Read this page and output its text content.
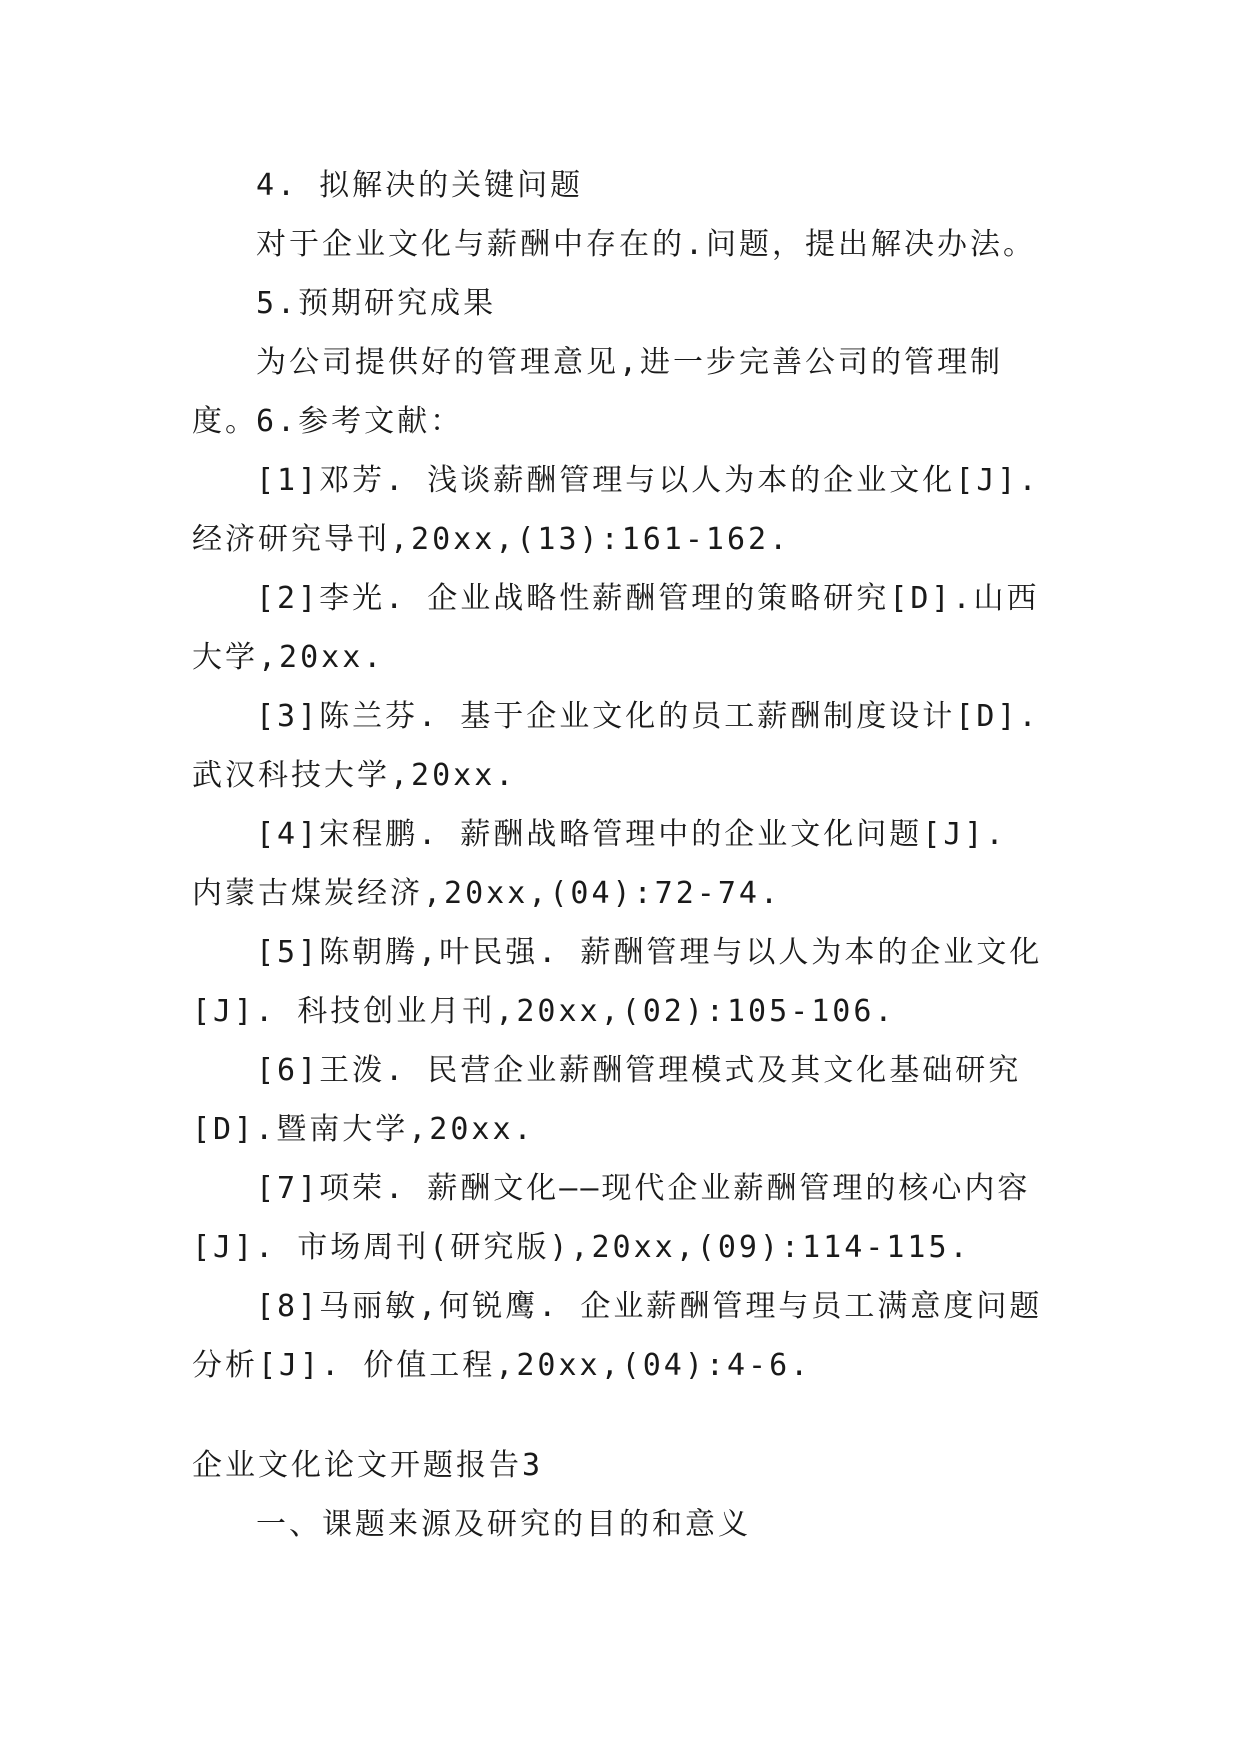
4. 拟解决的关键问题

对于企业文化与薪酬中存在的.问题，提出解决办法。

5.预期研究成果

为公司提供好的管理意见,进一步完善公司的管理制度。

6.参考文献：

[1]邓芳. 浅谈薪酬管理与以人为本的企业文化[J]. 经济研究导刊,20xx,(13):161-162.

[2]李光. 企业战略性薪酬管理的策略研究[D].山西大学,20xx.

[3]陈兰芬. 基于企业文化的员工薪酬制度设计[D].武汉科技大学,20xx.

[4]宋程鹏. 薪酬战略管理中的企业文化问题[J]. 内蒙古煤炭经济,20xx,(04):72-74.

[5]陈朝腾,叶民强. 薪酬管理与以人为本的企业文化[J]. 科技创业月刊,20xx,(02):105-106.

[6]王泼. 民营企业薪酬管理模式及其文化基础研究[D].暨南大学,20xx.

[7]项荣. 薪酬文化——现代企业薪酬管理的核心内容[J]. 市场周刊(研究版),20xx,(09):114-115.

[8]马丽敏,何锐鹰. 企业薪酬管理与员工满意度问题分析[J]. 价值工程,20xx,(04):4-6.

企业文化论文开题报告3

一、课题来源及研究的目的和意义
